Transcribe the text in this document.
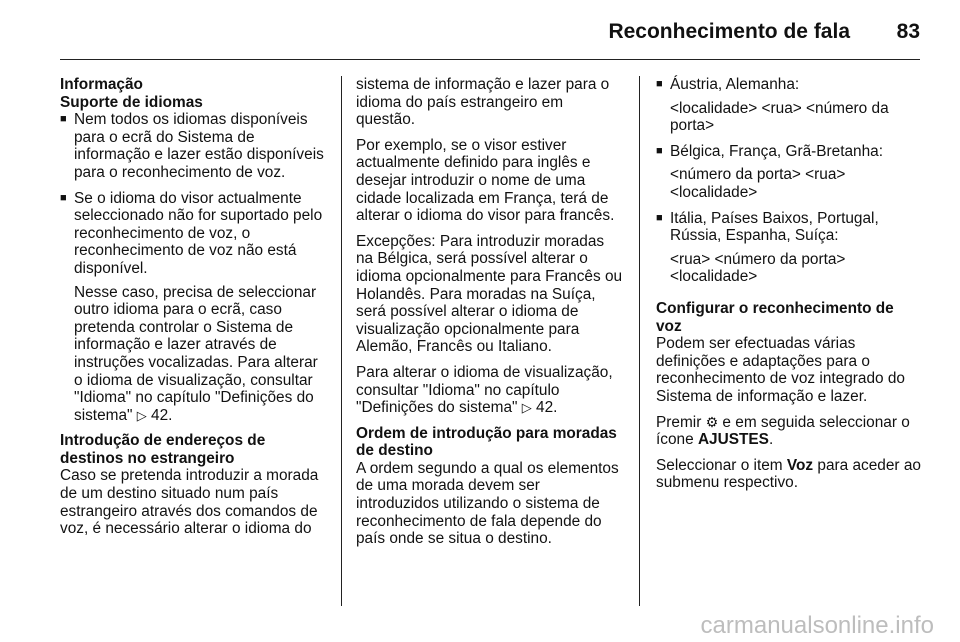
Reconhecimento de fala 83
Informação
Suporte de idiomas
■ Nem todos os idiomas disponíveis para o ecrã do Sistema de informação e lazer estão disponíveis para o reconhecimento de voz.
■ Se o idioma do visor actualmente seleccionado não for suportado pelo reconhecimento de voz, o reconhecimento de voz não está disponível.
Nesse caso, precisa de seleccionar outro idioma para o ecrã, caso pretenda controlar o Sistema de informação e lazer através de instruções vocalizadas. Para alterar o idioma de visualização, consultar "Idioma" no capítulo "Definições do sistema" ▷ 42.
Introdução de endereços de destinos no estrangeiro

Caso se pretenda introduzir a morada de um destino situado num país estrangeiro através dos comandos de voz, é necessário alterar o idioma do

sistema de informação e lazer para o idioma do país estrangeiro em questão.

Por exemplo, se o visor estiver actualmente definido para inglês e desejar introduzir o nome de uma cidade localizada em França, terá de alterar o idioma do visor para francês.

Excepções: Para introduzir moradas na Bélgica, será possível alterar o idioma opcionalmente para Francês ou Holandês. Para moradas na Suíça, será possível alterar o idioma de visualização opcionalmente para Alemão, Francês ou Italiano.

Para alterar o idioma de visualização, consultar "Idioma" no capítulo "Definições do sistema" ▷ 42.

Ordem de introdução para moradas de destino

A ordem segundo a qual os elementos de uma morada devem ser introduzidos utilizando o sistema de reconhecimento de fala depende do país onde se situa o destino.

■ Áustria, Alemanha:
<localidade> <rua> <número da porta>
■ Bélgica, França, Grã-Bretanha:
<número da porta> <rua> <localidade>
■ Itália, Países Baixos, Portugal, Rússia, Espanha, Suíça:
<rua> <número da porta> <localidade>
Configurar o reconhecimento de voz

Podem ser efectuadas várias definições e adaptações para o reconhecimento de voz integrado do Sistema de informação e lazer.

Premir ⚙ e em seguida seleccionar o ícone AJUSTES.

Seleccionar o item Voz para aceder ao submenu respectivo.

carmanualsonline.info
